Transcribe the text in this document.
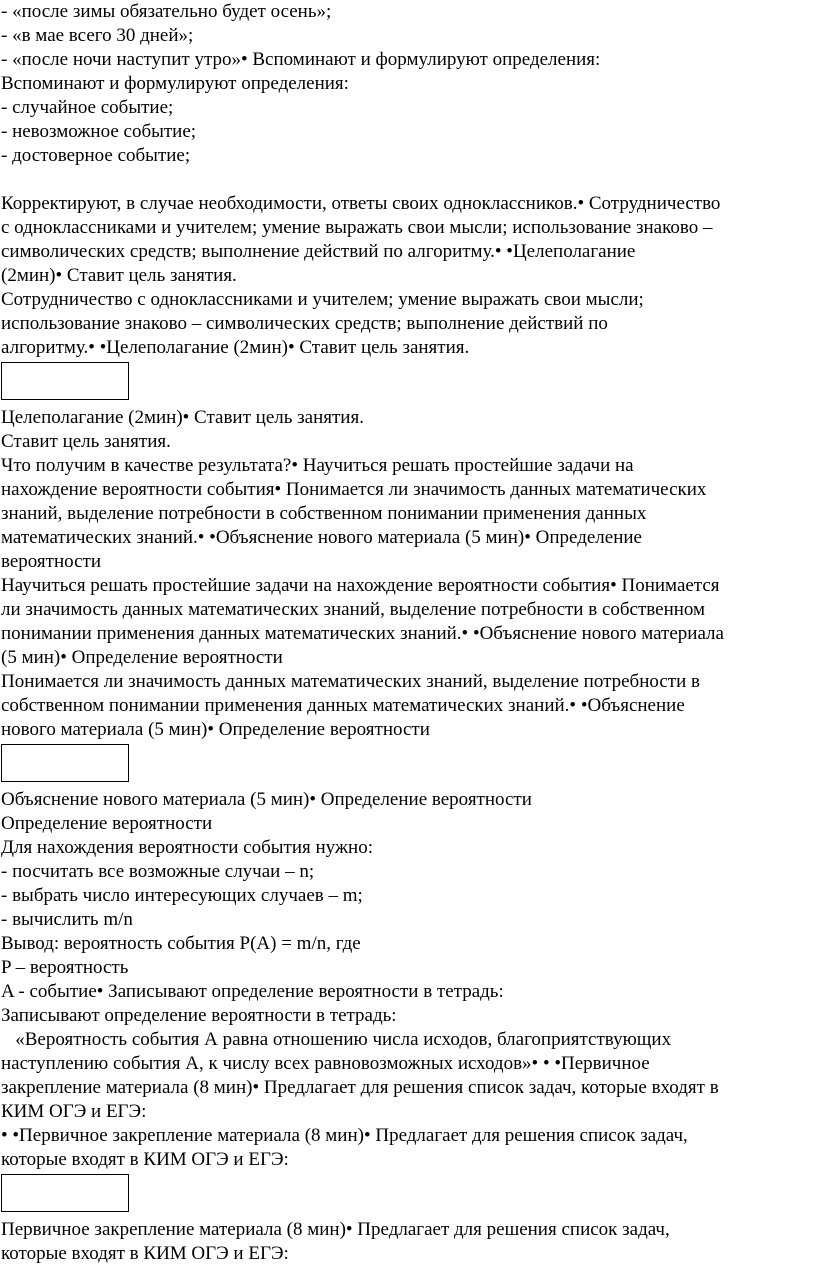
- «после зимы обязательно будет осень»;
- «в мае всего 30 дней»;
- «после ночи наступит утро»• Вспоминают и формулируют определения:
Вспоминают и формулируют определения:
- случайное событие;
- невозможное событие;
- достоверное событие;
Корректируют, в случае необходимости, ответы своих одноклассников.• Сотрудничество
с одноклассниками и учителем; умение выражать свои мысли; использование знаково –
символических средств; выполнение действий по алгоритму.• •Целеполагание
(2мин)• Ставит цель занятия.
Сотрудничество с одноклассниками и учителем; умение выражать свои мысли;
использование знаково – символических средств; выполнение действий по
алгоритму.• •Целеполагание (2мин)• Ставит цель занятия.
Целеполагание (2мин)• Ставит цель занятия.
Ставит цель занятия.
Что получим в качестве результата?• Научиться решать простейшие задачи на
нахождение вероятности события• Понимается ли значимость данных математических
знаний, выделение потребности в собственном понимании применения данных
математических знаний.• •Объяснение нового материала (5 мин)• Определение
вероятности
Научиться решать простейшие задачи на нахождение вероятности события• Понимается
ли значимость данных математических знаний, выделение потребности в собственном
понимании применения данных математических знаний.• •Объяснение нового материала
(5 мин)• Определение вероятности
Понимается ли значимость данных математических знаний, выделение потребности в
собственном понимании применения данных математических знаний.• •Объяснение
нового материала (5 мин)• Определение вероятности
Объяснение нового материала (5 мин)• Определение вероятности
Определение вероятности
Для нахождения вероятности события нужно:
- посчитать все возможные случаи – n;
- выбрать число интересующих случаев – m;
- вычислить m/n
Вывод: вероятность события P(A) = m/n, где
P – вероятность
A - событие• Записывают определение вероятности в тетрадь:
Записывают определение вероятности в тетрадь:
«Вероятность события А равна отношению числа исходов, благоприятствующих
наступлению события А, к числу всех равновозможных исходов»• • •Первичное
закрепление материала (8 мин)• Предлагает для решения список задач, которые входят в
КИМ ОГЭ и ЕГЭ:
• •Первичное закрепление материала (8 мин)• Предлагает для решения список задач,
которые входят в КИМ ОГЭ и ЕГЭ:
Первичное закрепление материала (8 мин)• Предлагает для решения список задач,
которые входят в КИМ ОГЭ и ЕГЭ:
